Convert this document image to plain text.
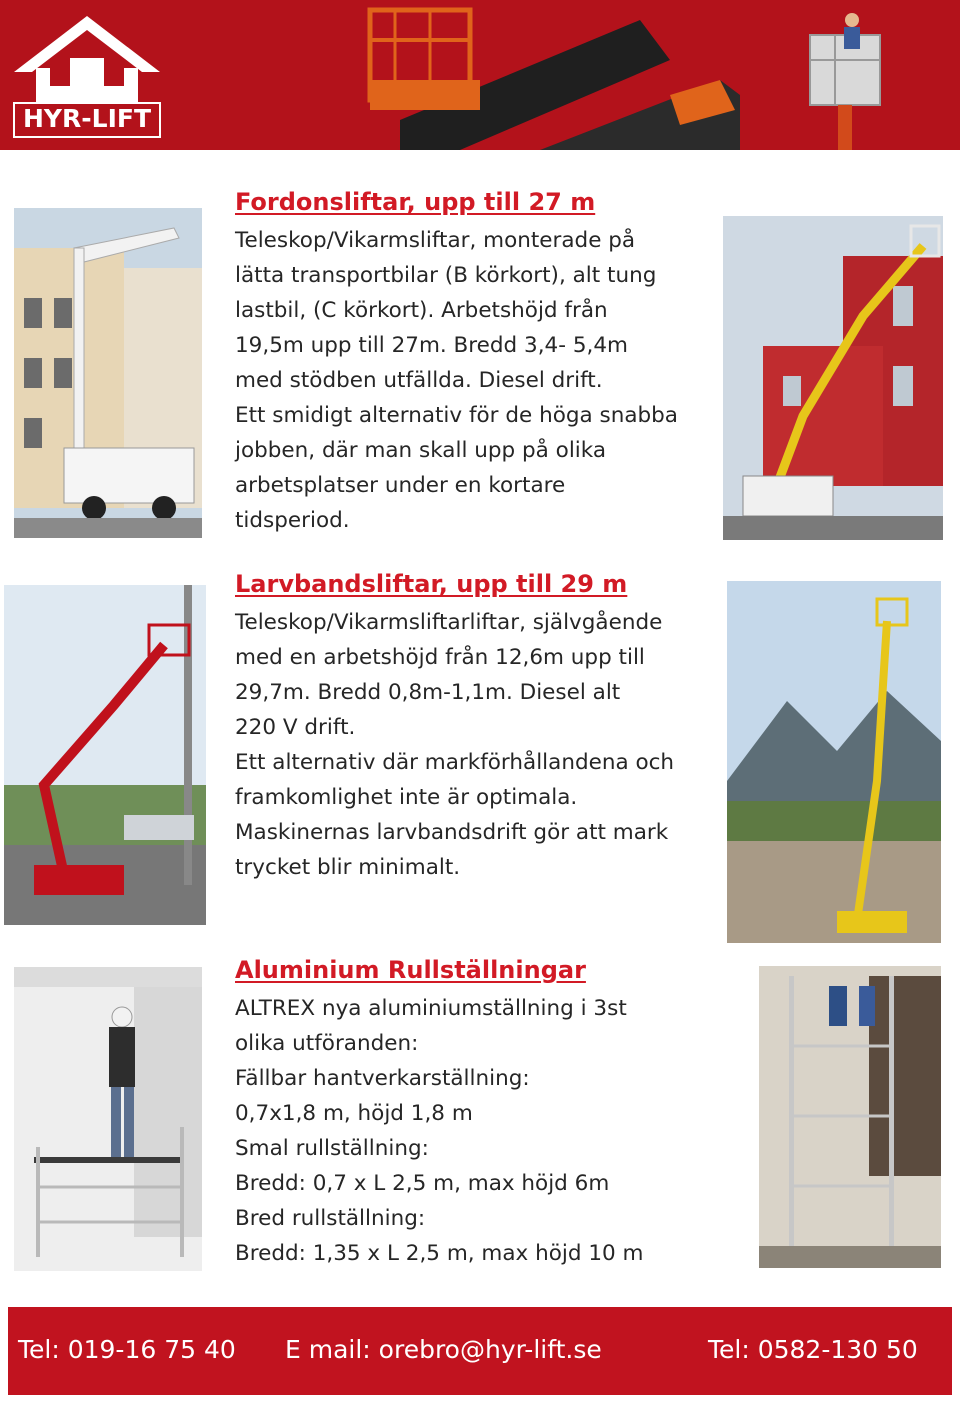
HYR-LIFT
Fordonsliftar, upp till 27 m
Teleskop/Vikarmsliftar, monterade på
lätta transportbilar (B körkort), alt tung
lastbil, (C körkort). Arbetshöjd från
19,5m upp till 27m. Bredd 3,4- 5,4m
med stödben utfällda. Diesel drift.
Ett smidigt alternativ för de höga snabba
jobben, där man skall upp på olika
arbetsplatser under en kortare
tidsperiod.
Larvbandsliftar, upp till 29 m
Teleskop/Vikarmsliftarliftar, självgående
med en arbetshöjd från 12,6m upp till
29,7m. Bredd 0,8m-1,1m. Diesel alt
220 V drift.
Ett alternativ där markförhållandena och
framkomlighet inte är optimala.
Maskinernas larvbandsdrift gör att mark
trycket blir minimalt.
Aluminium Rullställningar
ALTREX nya aluminiumställning i 3st
olika utföranden:
Fällbar hantverkarställning:
0,7x1,8 m, höjd 1,8 m
Smal rullställning:
Bredd: 0,7 x L 2,5 m, max höjd 6m
Bred rullställning:
Bredd: 1,35 x L 2,5 m, max höjd 10 m
Tel: 019-16 75 40 E mail: orebro@hyr-lift.se	Tel: 0582-130 50
